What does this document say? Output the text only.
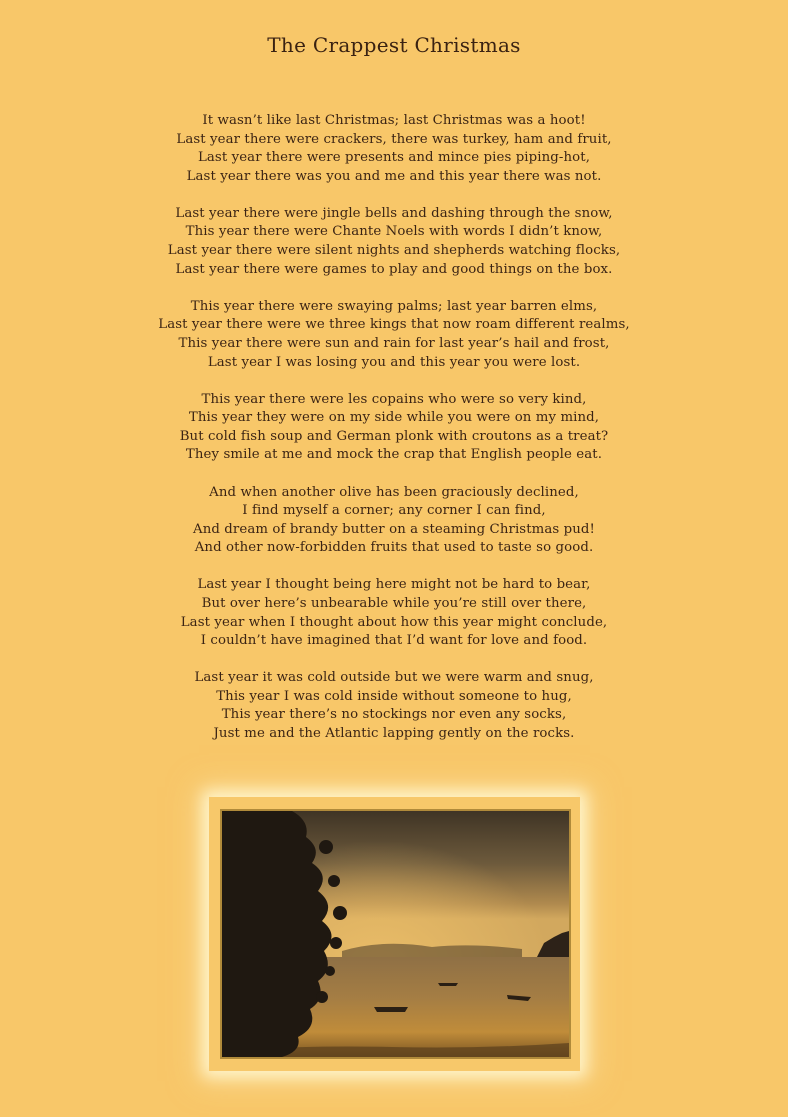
The Crappest Christmas
It wasn’t like last Christmas; last Christmas was a hoot!
Last year there were crackers, there was turkey, ham and fruit,
Last year there were presents and mince pies piping-hot,
Last year there was you and me and this year there was not.
Last year there were jingle bells and dashing through the snow,
This year there were Chante Noels with words I didn’t know,
Last year there were silent nights and shepherds watching flocks,
Last year there were games to play and good things on the box.
This year there were swaying palms; last year barren elms,
Last year there were we three kings that now roam different realms,
This year there were sun and rain for last year’s hail and frost,
Last year I was losing you and this year you were lost.
This year there were les copains who were so very kind,
This year they were on my side while you were on my mind,
But cold fish soup and German plonk with croutons as a treat?
They smile at me and mock the crap that English people eat.
And when another olive has been graciously declined,
I find myself a corner; any corner I can find,
And dream of brandy butter on a steaming Christmas pud!
And other now-forbidden fruits that used to taste so good.
Last year I thought being here might not be hard to bear,
But over here’s unbearable while you’re still over there,
Last year when I thought about how this year might conclude,
I couldn’t have imagined that I’d want for love and food.
Last year it was cold outside but we were warm and snug,
This year I was cold inside without someone to hug,
This year there’s no stockings nor even any socks,
Just me and the Atlantic lapping gently on the rocks.
